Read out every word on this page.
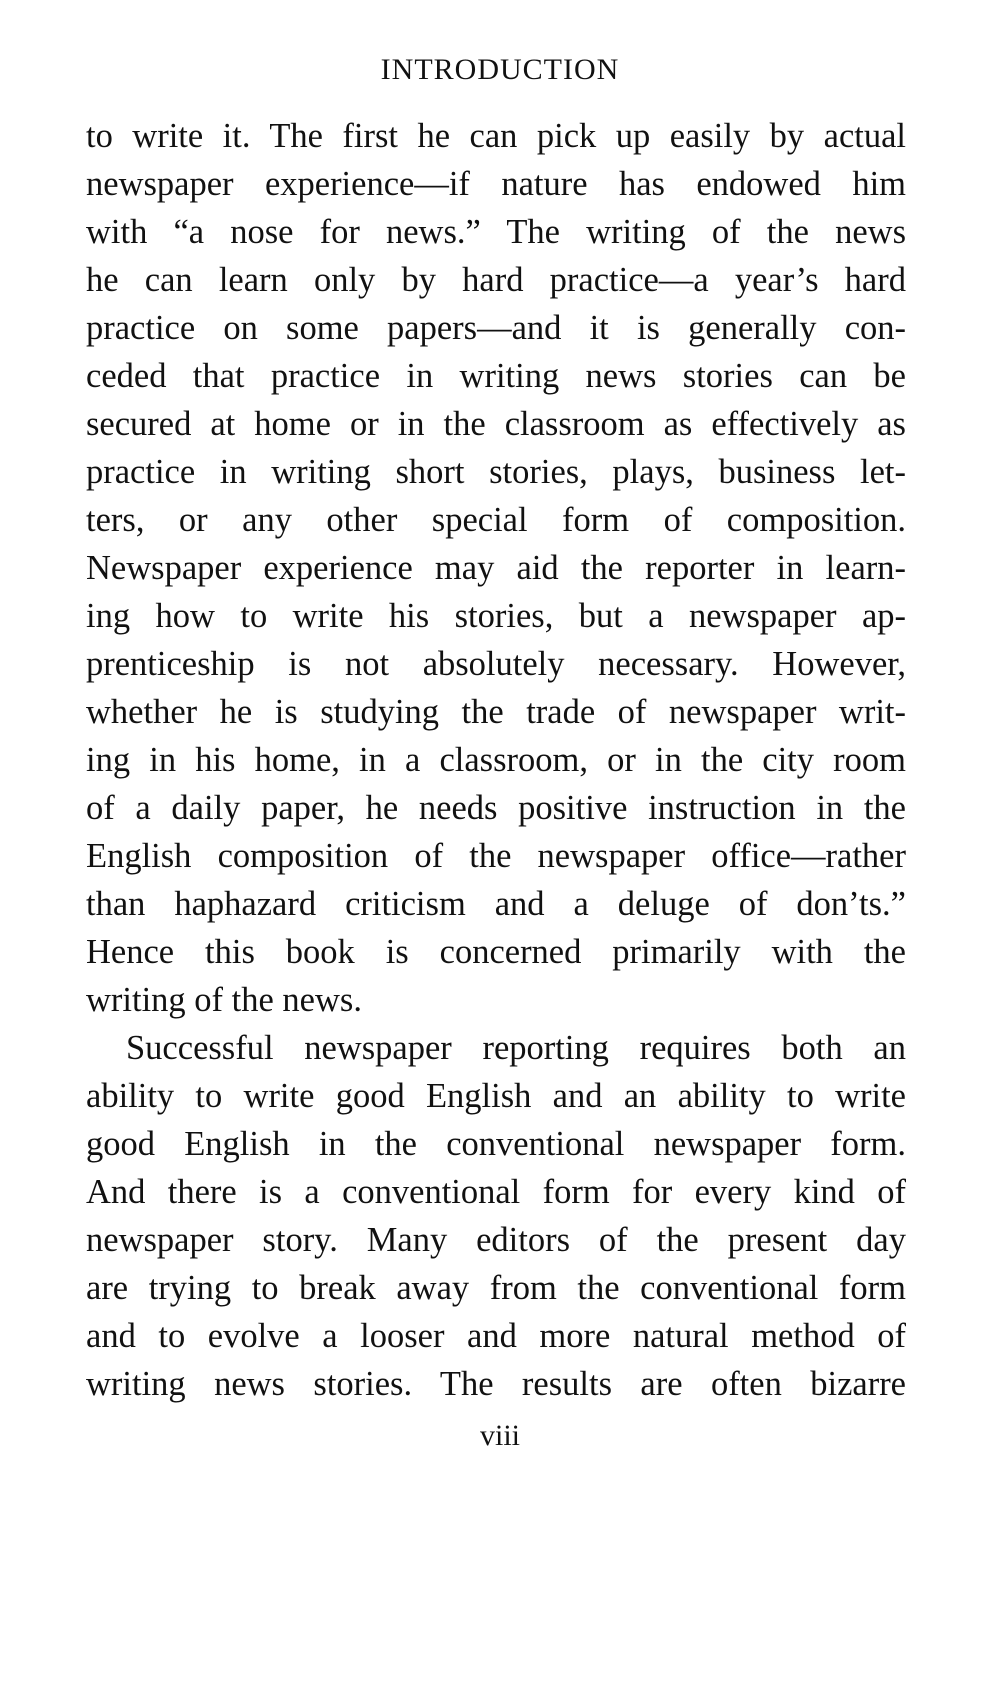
INTRODUCTION
to write it. The first he can pick up easily by actual
newspaper experience—if nature has endowed him
with “a nose for news.” The writing of the news
he can learn only by hard practice—a year’s hard
practice on some papers—and it is generally con-
ceded that practice in writing news stories can be
secured at home or in the classroom as effectively as
practice in writing short stories, plays, business let-
ters, or any other special form of composition.
Newspaper experience may aid the reporter in learn-
ing how to write his stories, but a newspaper ap-
prenticeship is not absolutely necessary. However,
whether he is studying the trade of newspaper writ-
ing in his home, in a classroom, or in the city room
of a daily paper, he needs positive instruction in the
English composition of the newspaper office—rather
than haphazard criticism and a deluge of don’ts.”
Hence this book is concerned primarily with the
writing of the news.
Successful newspaper reporting requires both an
ability to write good English and an ability to write
good English in the conventional newspaper form.
And there is a conventional form for every kind of
newspaper story. Many editors of the present day
are trying to break away from the conventional form
and to evolve a looser and more natural method of
writing news stories. The results are often bizarre
viii
